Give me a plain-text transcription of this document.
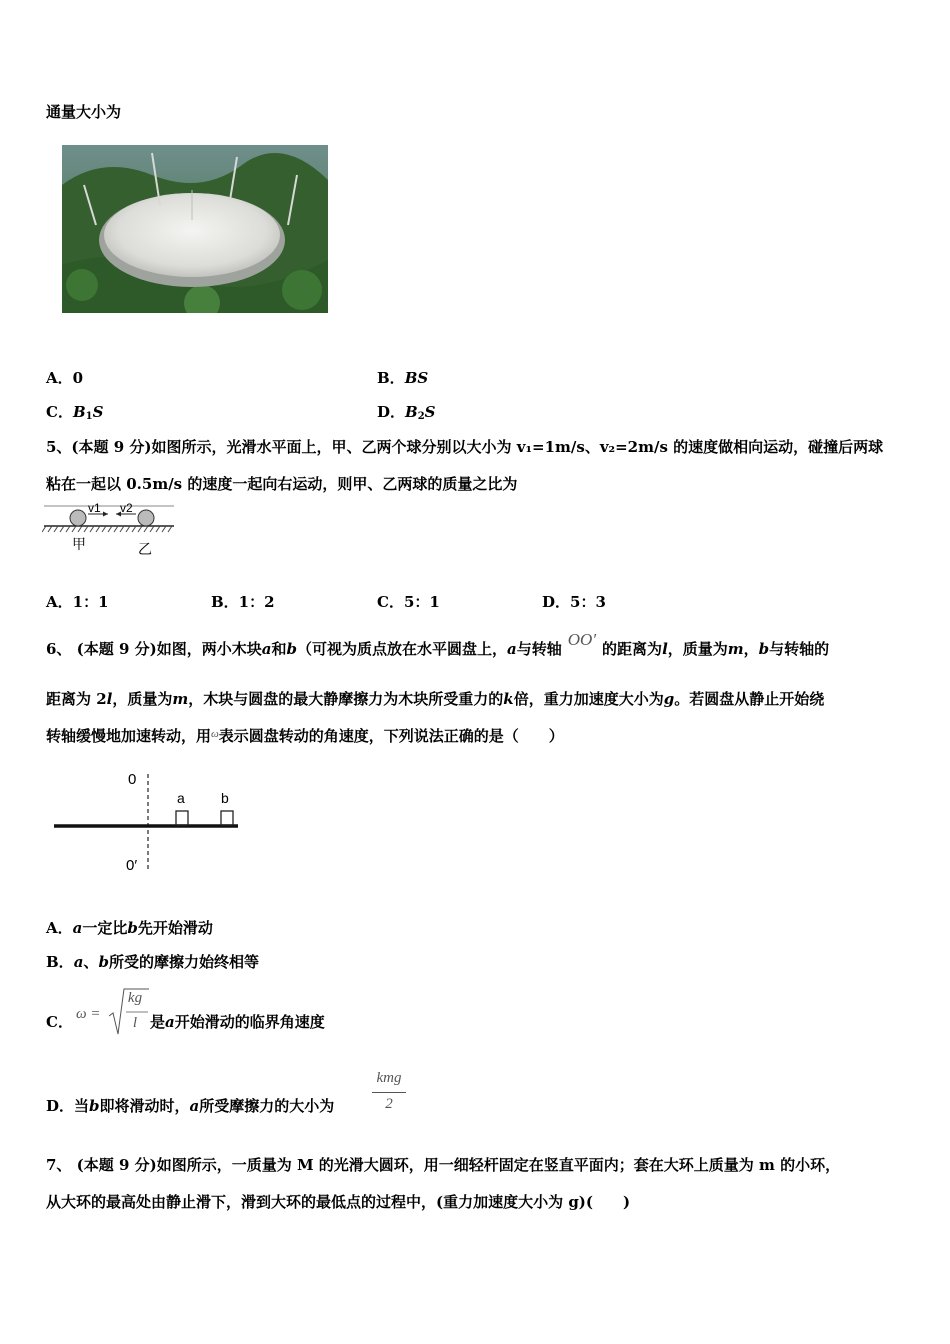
通量大小为
A．0	B．BS
C．$B_1S$	D．$B_2S$
5、(本题 9 分)如图所示，光滑水平面上，甲、乙两个球分别以大小为 v₁=1m/s、v₂=2m/s 的速度做相向运动，碰撞后两球
粘在一起以 0.5m/s 的速度一起向右运动，则甲、乙两球的质量之比为
v1 v2
甲	乙
A．1：1	B．1：2	C．5：1	D．5：3
6、 (本题 9 分)如图，两小木块a和b（可视为质点放在水平圆盘上，a与转轴 OO′ 的距离为l，质量为m，b与转轴的
距离为 2l，质量为m，木块与圆盘的最大静摩擦力为木块所受重力的k倍，重力加速度大小为g。若圆盘从静止开始绕
转轴缓慢地加速转动，用$^\omega$表示圆盘转动的角速度，下列说法正确的是（　　）
0
0′
a	b
A．a一定比b先开始滑动
B．a、b所受的摩擦力始终相等
C． ω =
kg
l 是a开始滑动的临界角速度
D．当b即将滑动时，a所受摩擦力的大小为
kmg
2
7、 (本题 9 分)如图所示，一质量为 M 的光滑大圆环，用一细轻杆固定在竖直平面内；套在大环上质量为 m 的小环，
从大环的最高处由静止滑下，滑到大环的最低点的过程中，(重力加速度大小为 g)(　　)
